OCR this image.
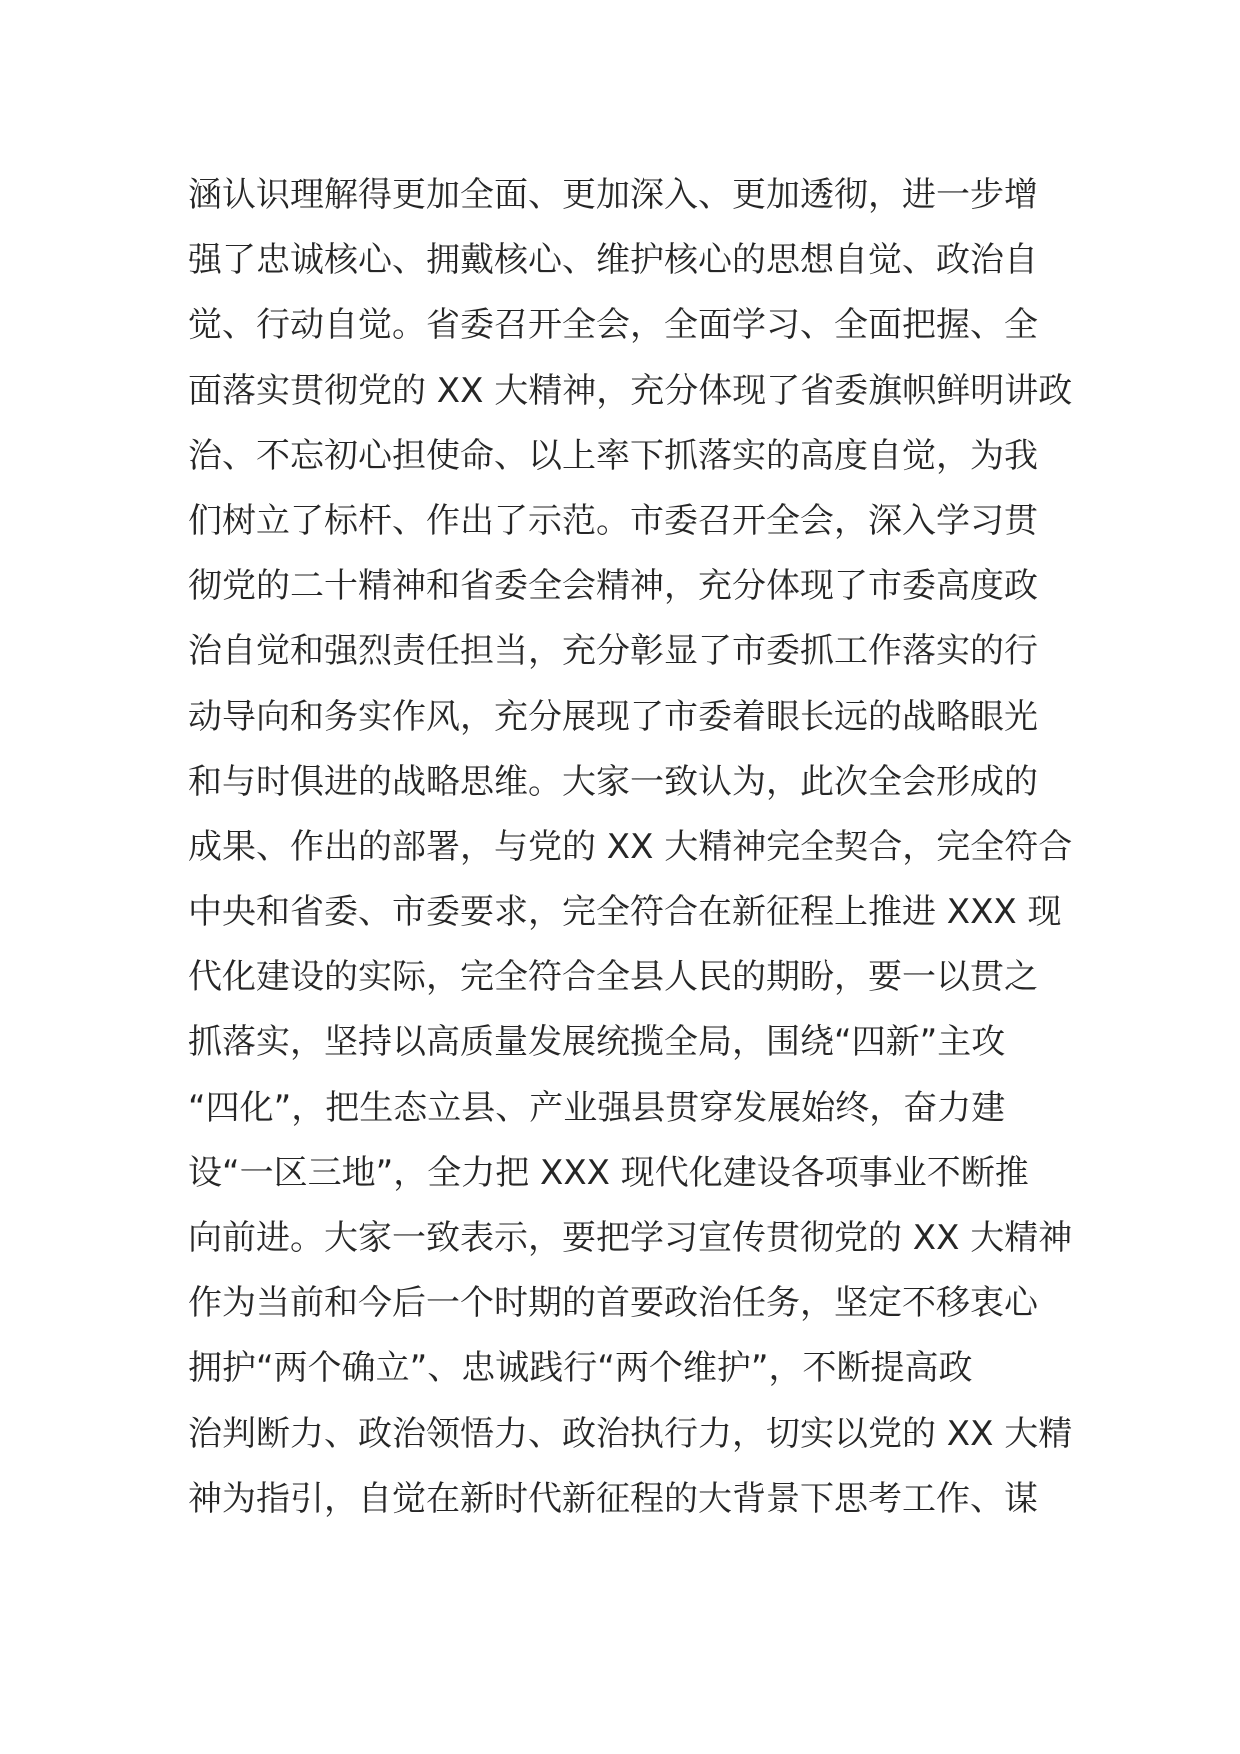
涵认识理解得更加全面、更加深入、更加透彻，进一步增
强了忠诚核心、拥戴核心、维护核心的思想自觉、政治自
觉、行动自觉。省委召开全会，全面学习、全面把握、全
面落实贯彻党的 XX 大精神，充分体现了省委旗帜鲜明讲政
治、不忘初心担使命、以上率下抓落实的高度自觉，为我
们树立了标杆、作出了示范。市委召开全会，深入学习贯
彻党的二十精神和省委全会精神，充分体现了市委高度政
治自觉和强烈责任担当，充分彰显了市委抓工作落实的行
动导向和务实作风，充分展现了市委着眼长远的战略眼光
和与时俱进的战略思维。大家一致认为，此次全会形成的
成果、作出的部署，与党的 XX 大精神完全契合，完全符合
中央和省委、市委要求，完全符合在新征程上推进 XXX 现
代化建设的实际，完全符合全县人民的期盼，要一以贯之
抓落实，坚持以高质量发展统揽全局，围绕“四新”主攻
“四化”，把生态立县、产业强县贯穿发展始终，奋力建
设“一区三地”，全力把 XXX 现代化建设各项事业不断推
向前进。大家一致表示，要把学习宣传贯彻党的 XX 大精神
作为当前和今后一个时期的首要政治任务，坚定不移衷心
拥护“两个确立”、忠诚践行“两个维护”，不断提高政
治判断力、政治领悟力、政治执行力，切实以党的 XX 大精
神为指引，自觉在新时代新征程的大背景下思考工作、谋
